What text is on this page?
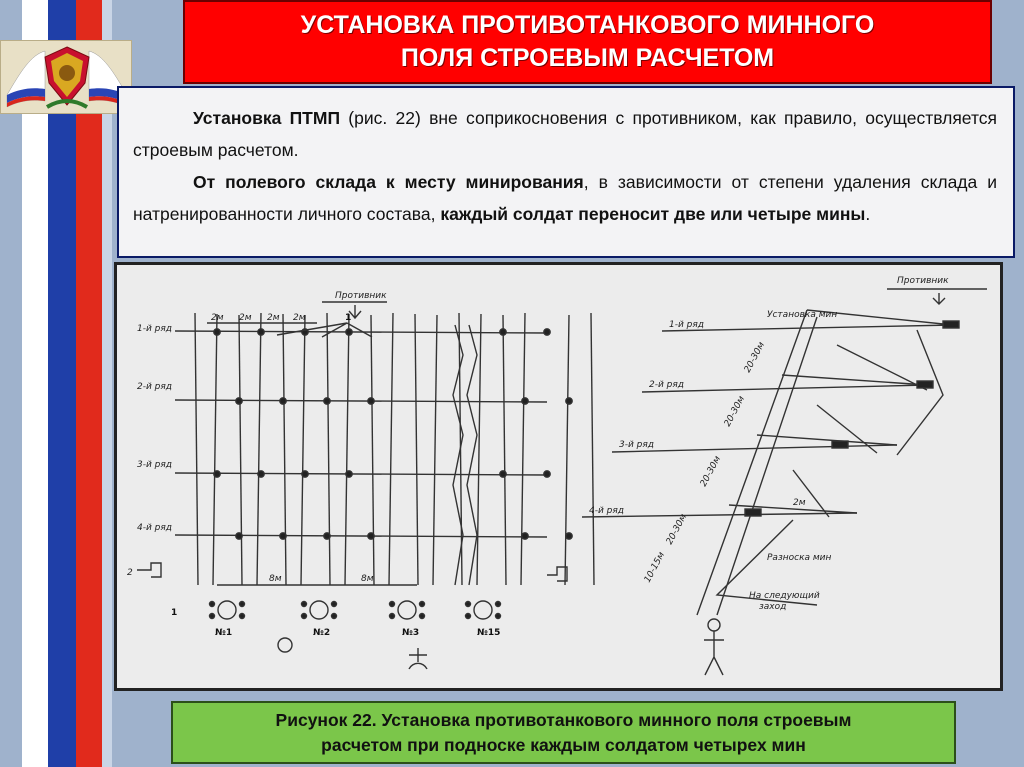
УСТАНОВКА ПРОТИВОТАНКОВОГО МИННОГО
ПОЛЯ СТРОЕВЫМ РАСЧЕТОМ

Установка ПТМП (рис. 22) вне соприкосновения с противником, как правило, осуществляется строевым расчетом.

От полевого склада к месту минирования, в зависимости от степени удаления склада и натренированности личного состава, каждый солдат переносит две или четыре мины.

Противник
1-й ряд
2-й ряд
3-й ряд
4-й ряд
2м 2м 2м 2м	1
1
2
8м	8м
№1	№2	№3	№15
Противник
Установка мин
1-й ряд
2-й ряд
3-й ряд
4-й ряд
20-30м
20-30м
20-30м
20-30м
10-15м
2м
Разноска мин
На следующий заход

Рисунок 22. Установка противотанкового минного поля строевым
расчетом при подноске каждым солдатом четырех мин
